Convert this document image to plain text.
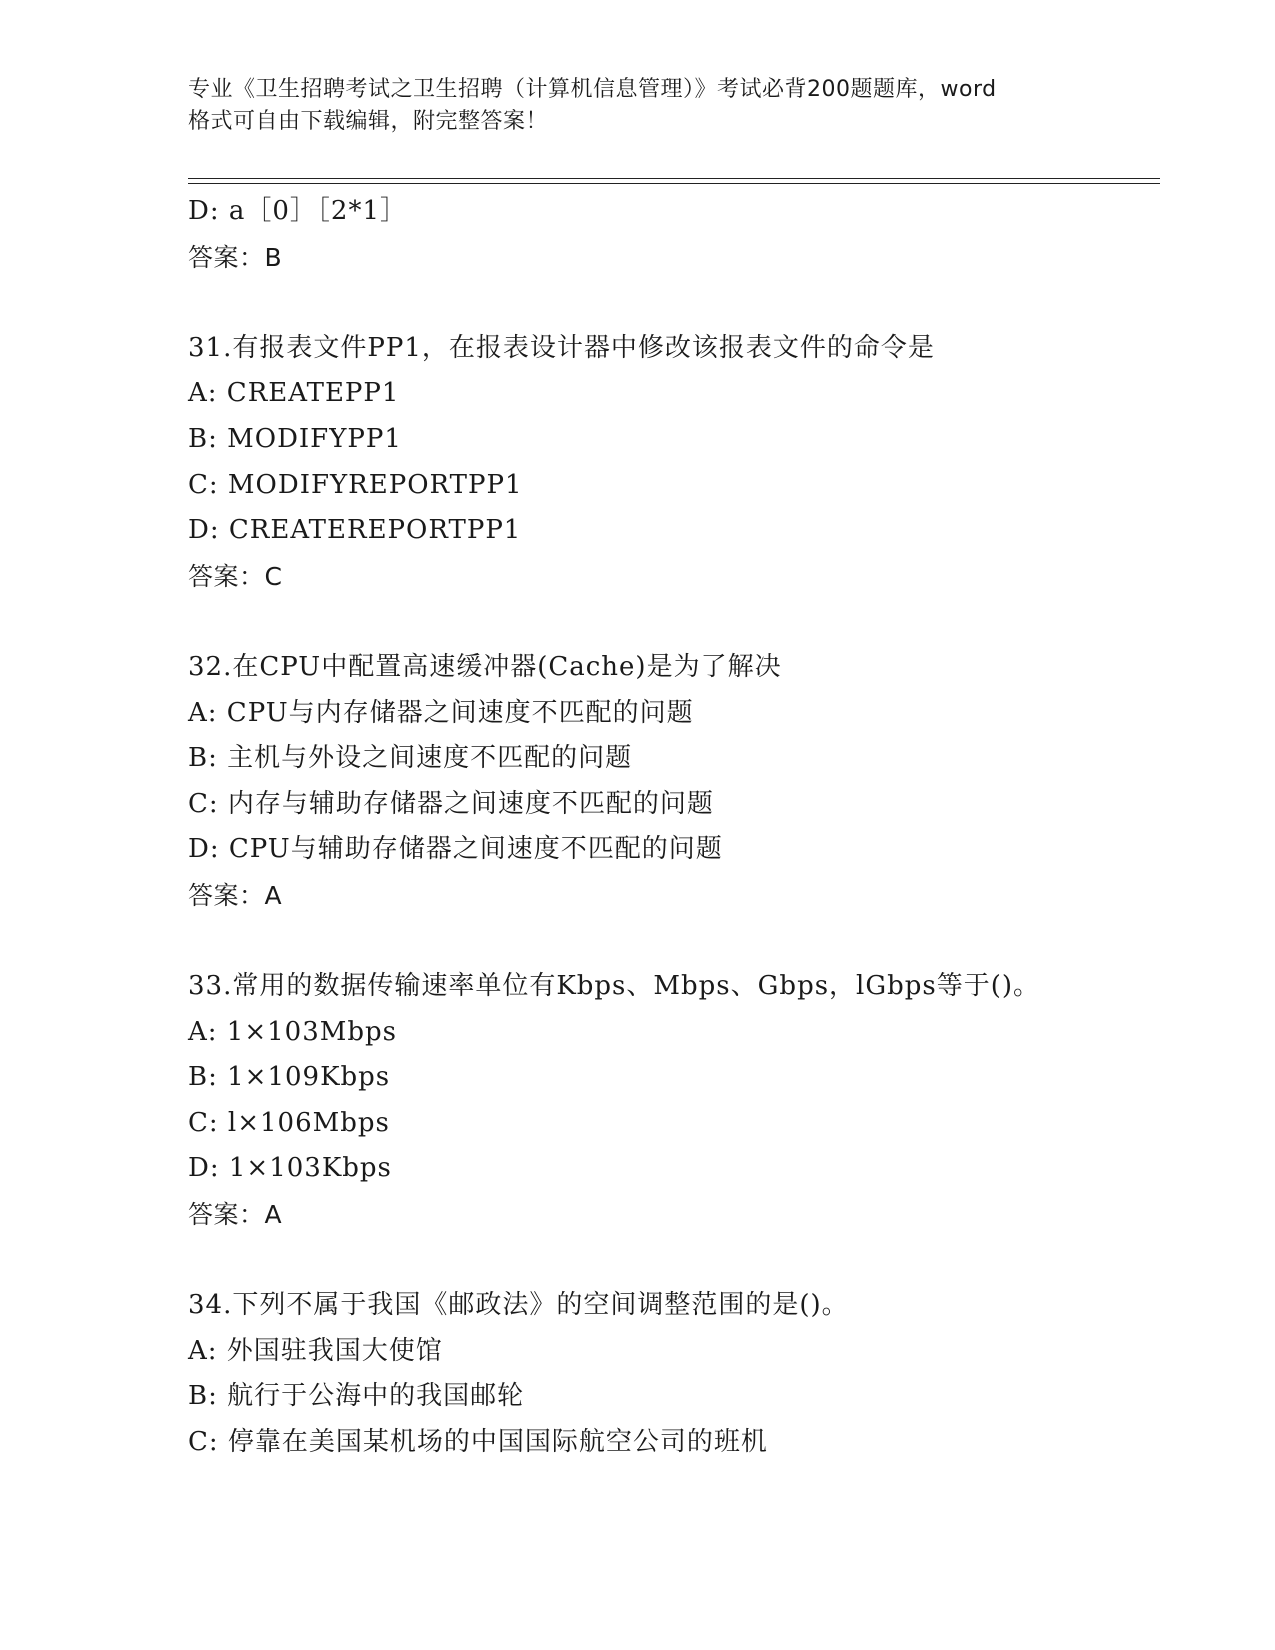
专业《卫生招聘考试之卫生招聘（计算机信息管理）》考试必背200题题库，word
格式可自由下载编辑，附完整答案！
D: a［0］［2*1］
答案：B
31.有报表文件PP1，在报表设计器中修改该报表文件的命令是
A: CREATEPP1
B: MODIFYPP1
C: MODIFYREPORTPP1
D: CREATEREPORTPP1
答案：C
32.在CPU中配置高速缓冲器(Cache)是为了解决
A: CPU与内存储器之间速度不匹配的问题
B: 主机与外设之间速度不匹配的问题
C: 内存与辅助存储器之间速度不匹配的问题
D: CPU与辅助存储器之间速度不匹配的问题
答案：A
33.常用的数据传输速率单位有Kbps、Mbps、Gbps，lGbps等于()。
A: 1×103Mbps
B: 1×109Kbps
C: l×106Mbps
D: 1×103Kbps
答案：A
34.下列不属于我国《邮政法》的空间调整范围的是()。
A: 外国驻我国大使馆
B: 航行于公海中的我国邮轮
C: 停靠在美国某机场的中国国际航空公司的班机
